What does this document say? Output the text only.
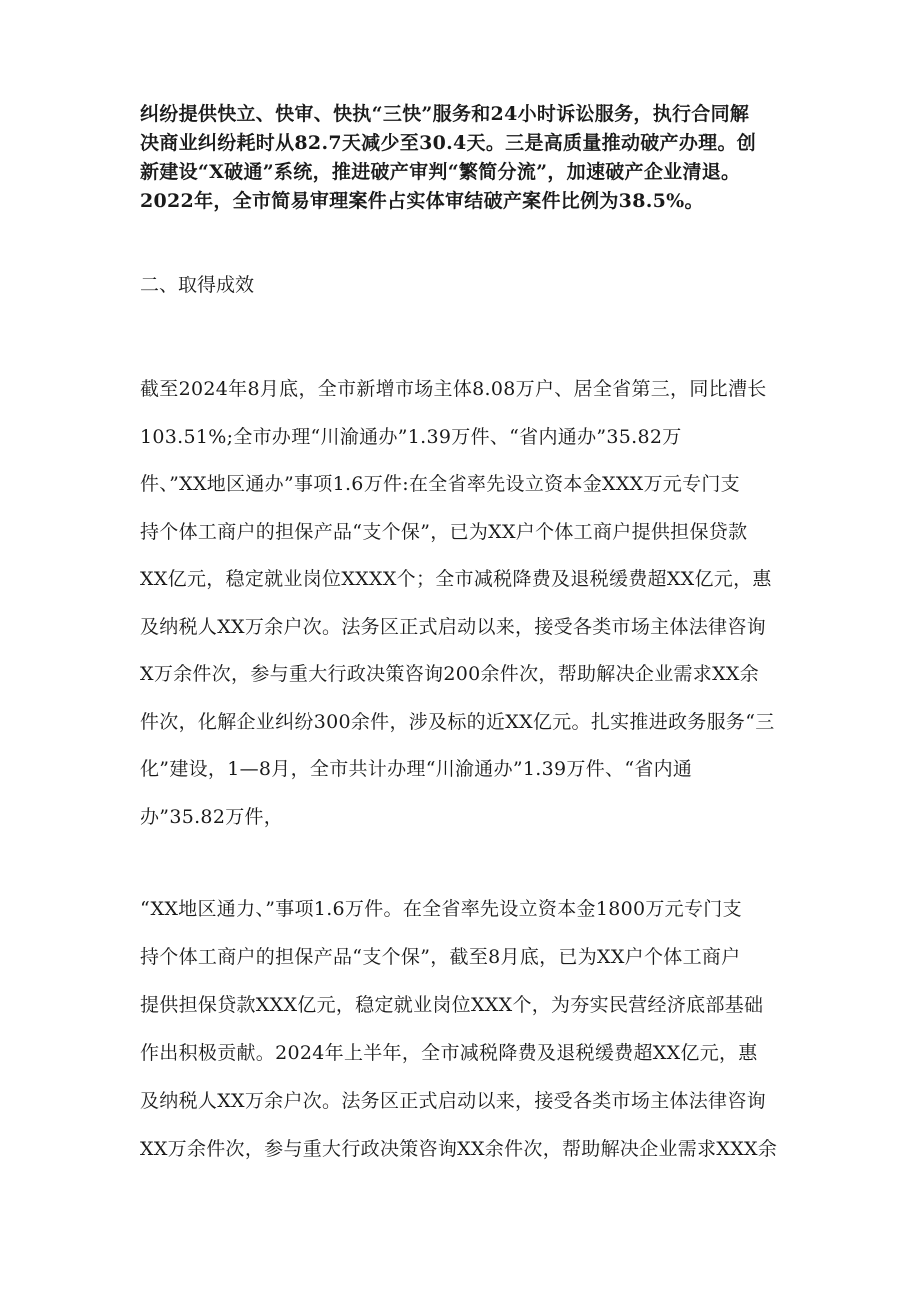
纠纷提供快立、快审、快执“三快”服务和24小时诉讼服务，执行合同解
决商业纠纷耗时从82.7天减少至30.4天。三是高质量推动破产办理。创
新建设“X破通”系统，推进破产审判“繁简分流”，加速破产企业清退。
2022年，全市简易审理案件占实体审结破产案件比例为38.5%。

二、取得成效

截至2024年8月底，全市新增市场主体8.08万户、居全省第三，同比漕长
103.51%;全市办理“川渝通办”1.39万件、“省内通办”35.82万
件、”XX地区通办”事项1.6万件:在全省率先设立资本金XXX万元专门支
持个体工商户的担保产品“支个保”，已为XX户个体工商户提供担保贷款
XX亿元，稳定就业岗位XXXX个；全市减税降费及退税缓费超XX亿元，惠
及纳税人XX万余户次。法务区正式启动以来，接受各类市场主体法律咨询
X万余件次，参与重大行政决策咨询200余件次，帮助解决企业需求XX余
件次，化解企业纠纷300余件，涉及标的近XX亿元。扎实推进政务服务“三
化”建设，1—8月，全市共计办理“川渝通办”1.39万件、“省内通
办”35.82万件，

“XX地区通力、”事项1.6万件。在全省率先设立资本金1800万元专门支
持个体工商户的担保产品“支个保”，截至8月底，已为XX户个体工商户
提供担保贷款XXX亿元，稳定就业岗位XXX个，为夯实民营经济底部基础
作出积极贡献。2024年上半年，全市减税降费及退税缓费超XX亿元，惠
及纳税人XX万余户次。法务区正式启动以来，接受各类市场主体法律咨询
XX万余件次，参与重大行政决策咨询XX余件次，帮助解决企业需求XXX余
